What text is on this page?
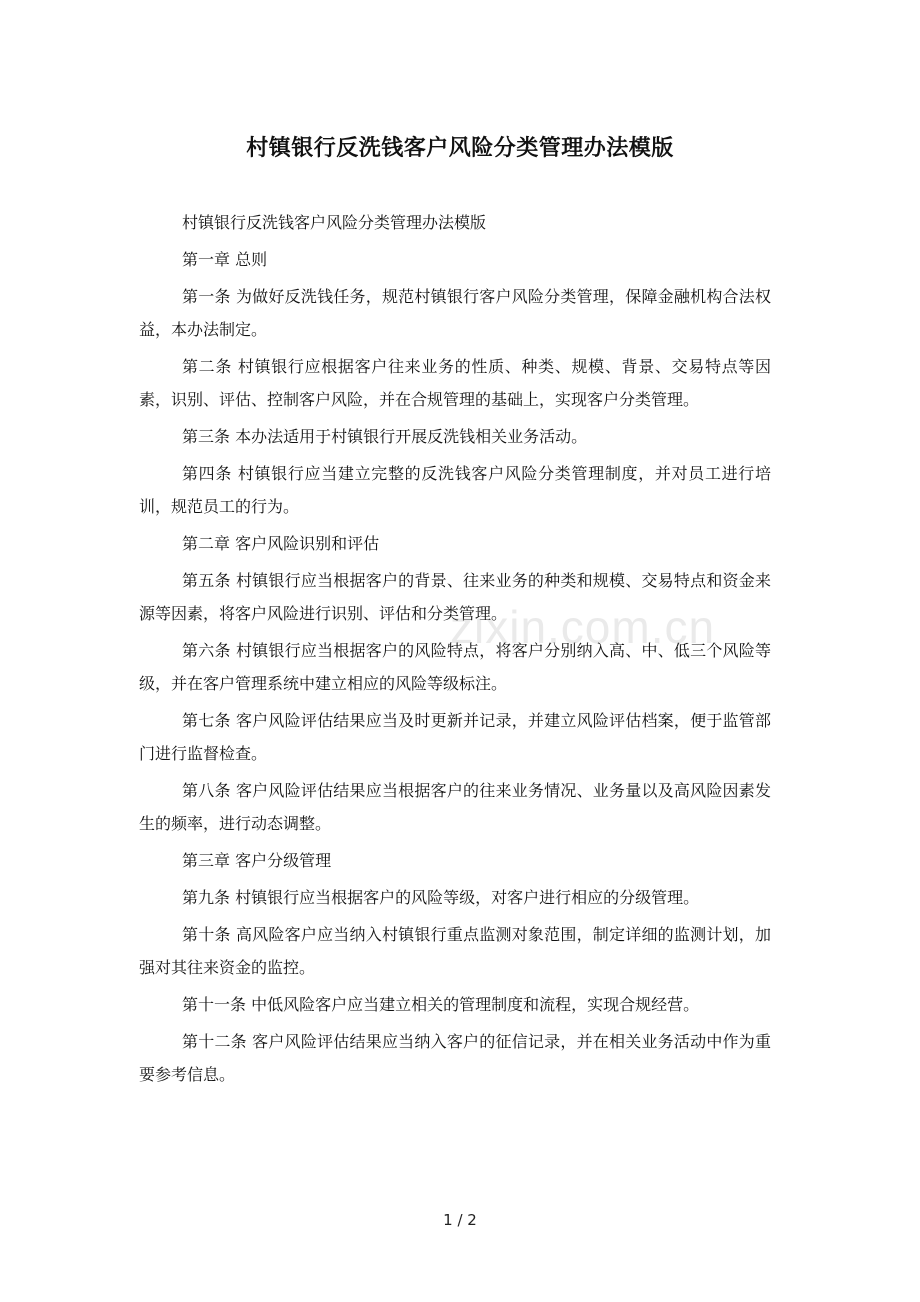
村镇银行反洗钱客户风险分类管理办法模版

村镇银行反洗钱客户风险分类管理办法模版

第一章 总则

第一条 为做好反洗钱任务，规范村镇银行客户风险分类管理，保障金融机构合法权益，本办法制定。

第二条 村镇银行应根据客户往来业务的性质、种类、规模、背景、交易特点等因素，识别、评估、控制客户风险，并在合规管理的基础上，实现客户分类管理。

第三条 本办法适用于村镇银行开展反洗钱相关业务活动。

第四条 村镇银行应当建立完整的反洗钱客户风险分类管理制度，并对员工进行培训，规范员工的行为。

第二章 客户风险识别和评估

第五条 村镇银行应当根据客户的背景、往来业务的种类和规模、交易特点和资金来源等因素，将客户风险进行识别、评估和分类管理。

第六条 村镇银行应当根据客户的风险特点，将客户分别纳入高、中、低三个风险等级，并在客户管理系统中建立相应的风险等级标注。

第七条 客户风险评估结果应当及时更新并记录，并建立风险评估档案，便于监管部门进行监督检查。

第八条 客户风险评估结果应当根据客户的往来业务情况、业务量以及高风险因素发生的频率，进行动态调整。

第三章 客户分级管理

第九条 村镇银行应当根据客户的风险等级，对客户进行相应的分级管理。

第十条 高风险客户应当纳入村镇银行重点监测对象范围，制定详细的监测计划，加强对其往来资金的监控。

第十一条 中低风险客户应当建立相关的管理制度和流程，实现合规经营。

第十二条 客户风险评估结果应当纳入客户的征信记录，并在相关业务活动中作为重要参考信息。

zixin.com.cn
1 / 2
